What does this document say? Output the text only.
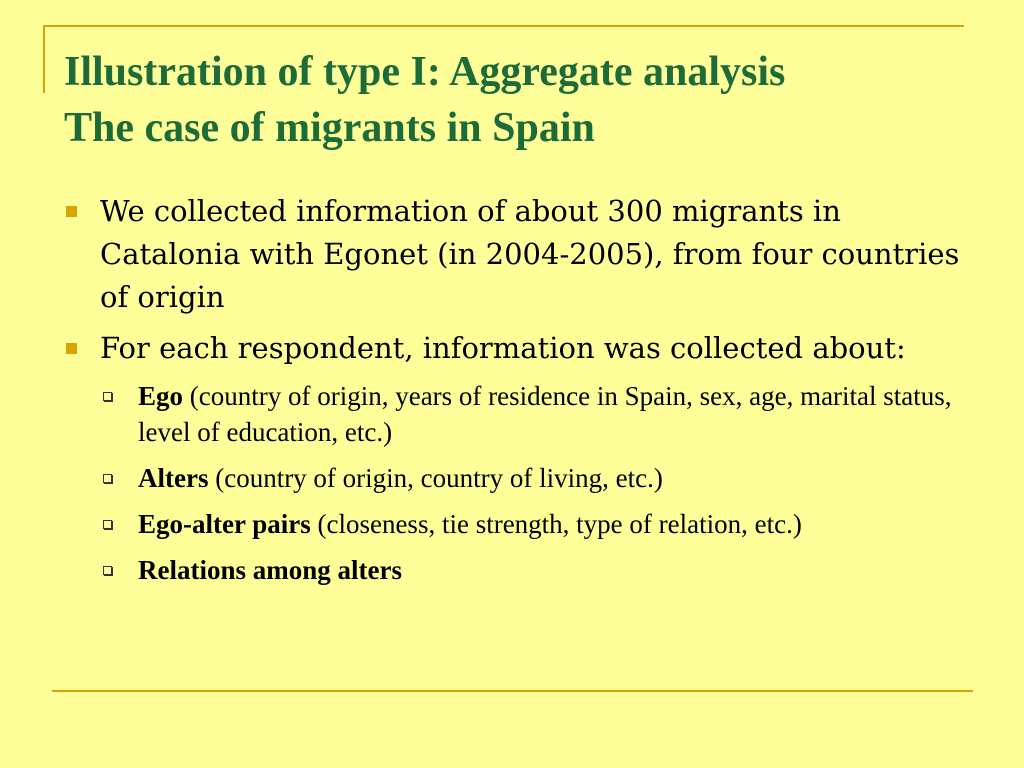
Illustration of type I: Aggregate analysis
The case of migrants in Spain
We collected information of about 300 migrants in Catalonia with Egonet (in 2004-2005), from four countries of origin
For each respondent, information was collected about:
Ego (country of origin, years of residence in Spain, sex, age, marital status, level of education, etc.)
Alters (country of origin, country of living, etc.)
Ego-alter pairs (closeness, tie strength, type of relation, etc.)
Relations among alters
